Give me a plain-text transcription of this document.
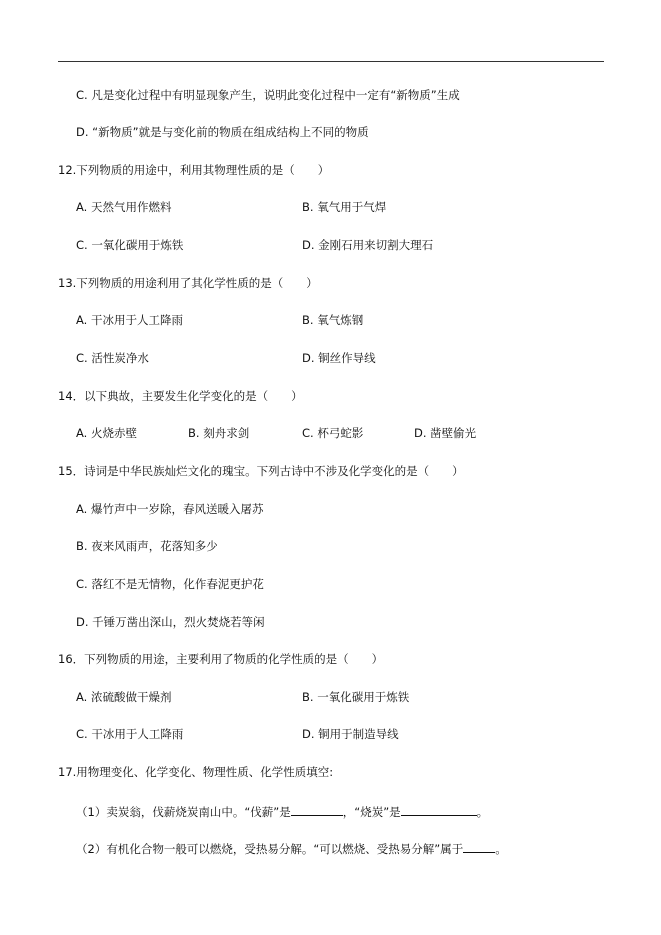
C. 凡是变化过程中有明显现象产生，说明此变化过程中一定有“新物质”生成
D. “新物质”就是与变化前的物质在组成结构上不同的物质
12.下列物质的用途中，利用其物理性质的是（　　）
A. 天然气用作燃料	B. 氧气用于气焊
C. 一氧化碳用于炼铁	D. 金刚石用来切割大理石
13.下列物质的用途利用了其化学性质的是（　　）
A. 干冰用于人工降雨	B. 氧气炼钢
C. 活性炭净水	D. 铜丝作导线
14．以下典故，主要发生化学变化的是（　　）
A. 火烧赤壁	B. 刻舟求剑	C. 杯弓蛇影	D. 凿壁偷光
15．诗词是中华民族灿烂文化的瑰宝。下列古诗中不涉及化学变化的是（　　）
A. 爆竹声中一岁除，春风送暖入屠苏
B. 夜来风雨声，花落知多少
C. 落红不是无情物，化作春泥更护花
D. 千锤万凿出深山，烈火焚烧若等闲
16．下列物质的用途，主要利用了物质的化学性质的是（　　）
A. 浓硫酸做干燥剂	B. 一氧化碳用于炼铁
C. 干冰用于人工降雨	D. 铜用于制造导线
17.用物理变化、化学变化、物理性质、化学性质填空:
（1）卖炭翁，伐薪烧炭南山中。“伐薪”是	，“烧炭”是	。
（2）有机化合物一般可以燃烧，受热易分解。“可以燃烧、受热易分解”属于	。
